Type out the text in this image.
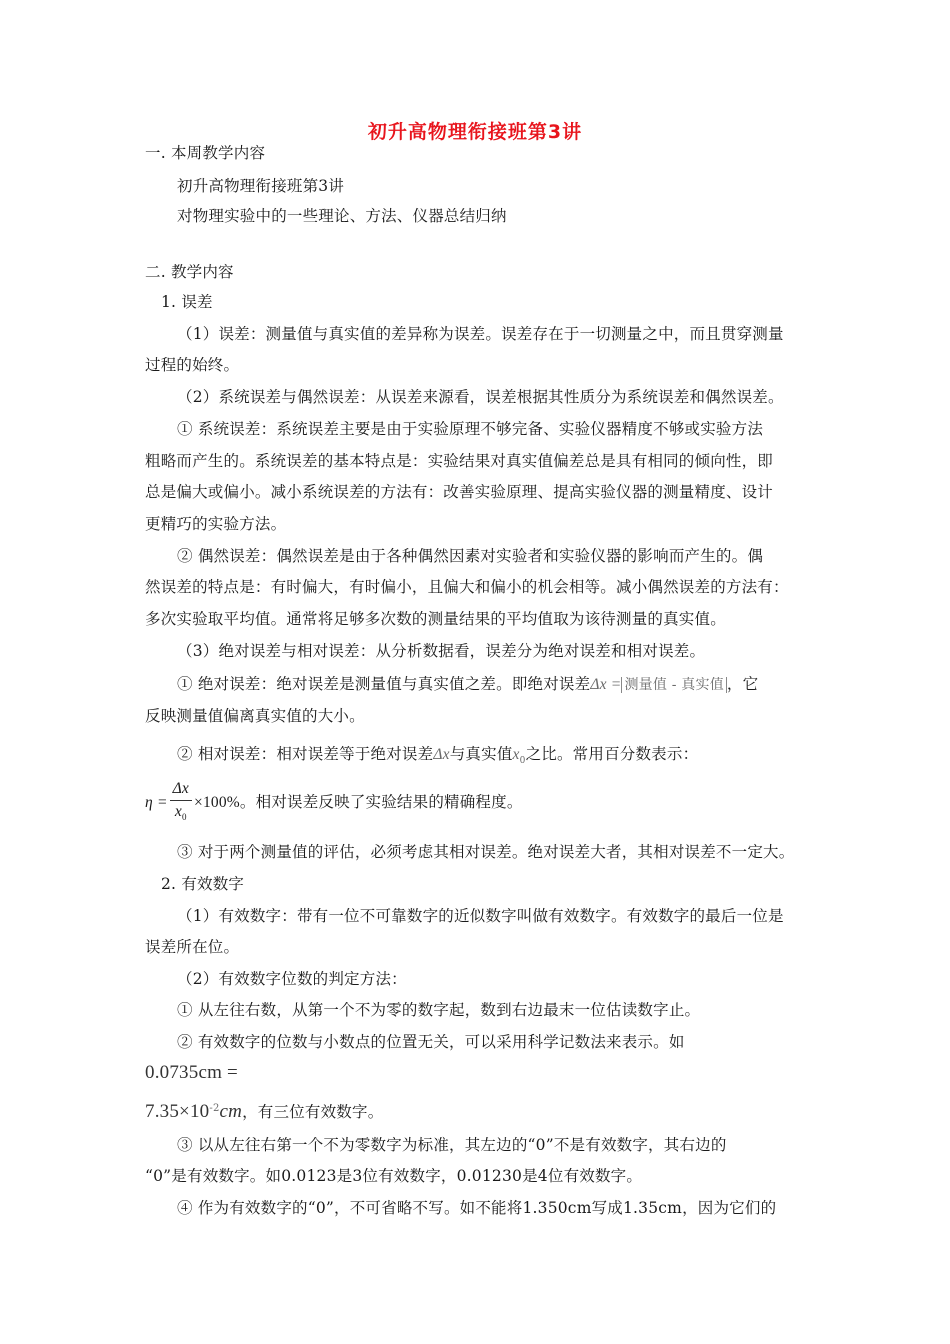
初升高物理衔接班第3讲
一. 本周教学内容
初升高物理衔接班第3讲
对物理实验中的一些理论、方法、仪器总结归纳
二. 教学内容
1. 误差
（1）误差：测量值与真实值的差异称为误差。误差存在于一切测量之中，而且贯穿测量
过程的始终。
（2）系统误差与偶然误差：从误差来源看，误差根据其性质分为系统误差和偶然误差。
① 系统误差：系统误差主要是由于实验原理不够完备、实验仪器精度不够或实验方法
粗略而产生的。系统误差的基本特点是：实验结果对真实值偏差总是具有相同的倾向性，即
总是偏大或偏小。减小系统误差的方法有：改善实验原理、提高实验仪器的测量精度、设计
更精巧的实验方法。
② 偶然误差：偶然误差是由于各种偶然因素对实验者和实验仪器的影响而产生的。偶
然误差的特点是：有时偏大，有时偏小，且偏大和偏小的机会相等。减小偶然误差的方法有：
多次实验取平均值。通常将足够多次数的测量结果的平均值取为该待测量的真实值。
（3）绝对误差与相对误差：从分析数据看，误差分为绝对误差和相对误差。
① 绝对误差：绝对误差是测量值与真实值之差。即绝对误差Δx = 测量值 - 真实值 ，它
反映测量值偏离真实值的大小。
② 相对误差：相对误差等于绝对误差Δx与真实值$x_0$之比。常用百分数表示：
$\eta = \frac{\Delta x}{x_0} \times 100\%$。相对误差反映了实验结果的精确程度。
③ 对于两个测量值的评估，必须考虑其相对误差。绝对误差大者，其相对误差不一定大。
2. 有效数字
（1）有效数字：带有一位不可靠数字的近似数字叫做有效数字。有效数字的最后一位是
误差所在位。
（2）有效数字位数的判定方法：
① 从左往右数，从第一个不为零的数字起，数到右边最末一位估读数字止。
② 有效数字的位数与小数点的位置无关，可以采用科学记数法来表示。如
0.0735cm =
$7.35\times 10^{-2}cm$，有三位有效数字。
③ 以从左往右第一个不为零数字为标准，其左边的“0”不是有效数字，其右边的
“0”是有效数字。如0.0123是3位有效数字，0.01230是4位有效数字。
④ 作为有效数字的“0”，不可省略不写。如不能将1.350cm写成1.35cm，因为它们的
